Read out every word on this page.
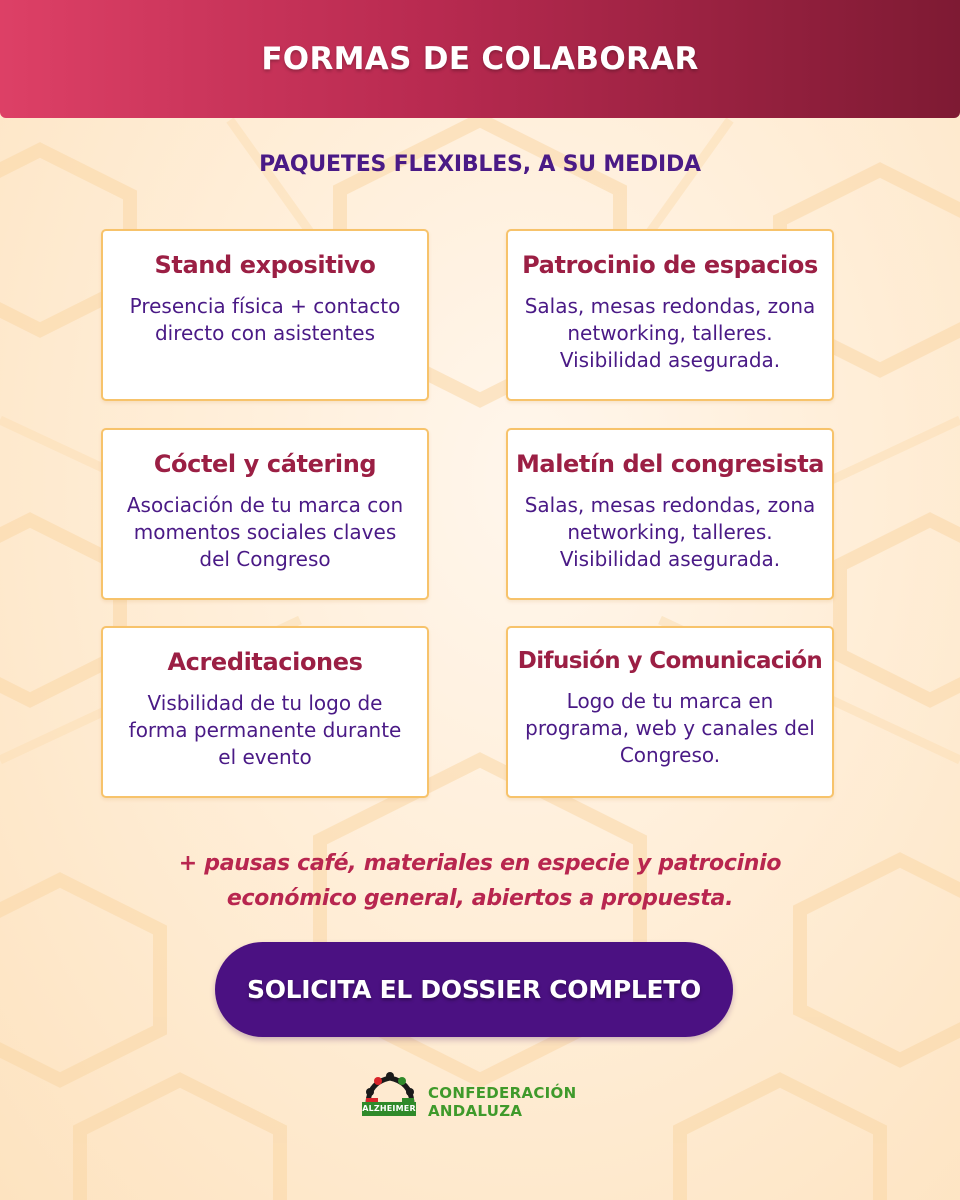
FORMAS DE COLABORAR
PAQUETES FLEXIBLES, A SU MEDIDA
Stand expositivo
Presencia física + contacto directo con asistentes
Patrocinio de espacios
Salas, mesas redondas, zona networking, talleres. Visibilidad asegurada.
Cóctel y cátering
Asociación de tu marca con momentos sociales claves del Congreso
Maletín del congresista
Salas, mesas redondas, zona networking, talleres. Visibilidad asegurada.
Acreditaciones
Visbilidad de tu logo de forma permanente durante el evento
Difusión y Comunicación
Logo de tu marca en programa, web y canales del Congreso.
+ pausas café, materiales en especie y patrocinio
económico general, abiertos a propuesta.
SOLICITA EL DOSSIER COMPLETO
ALZHEIMER
CONFEDERACIÓN
ANDALUZA
